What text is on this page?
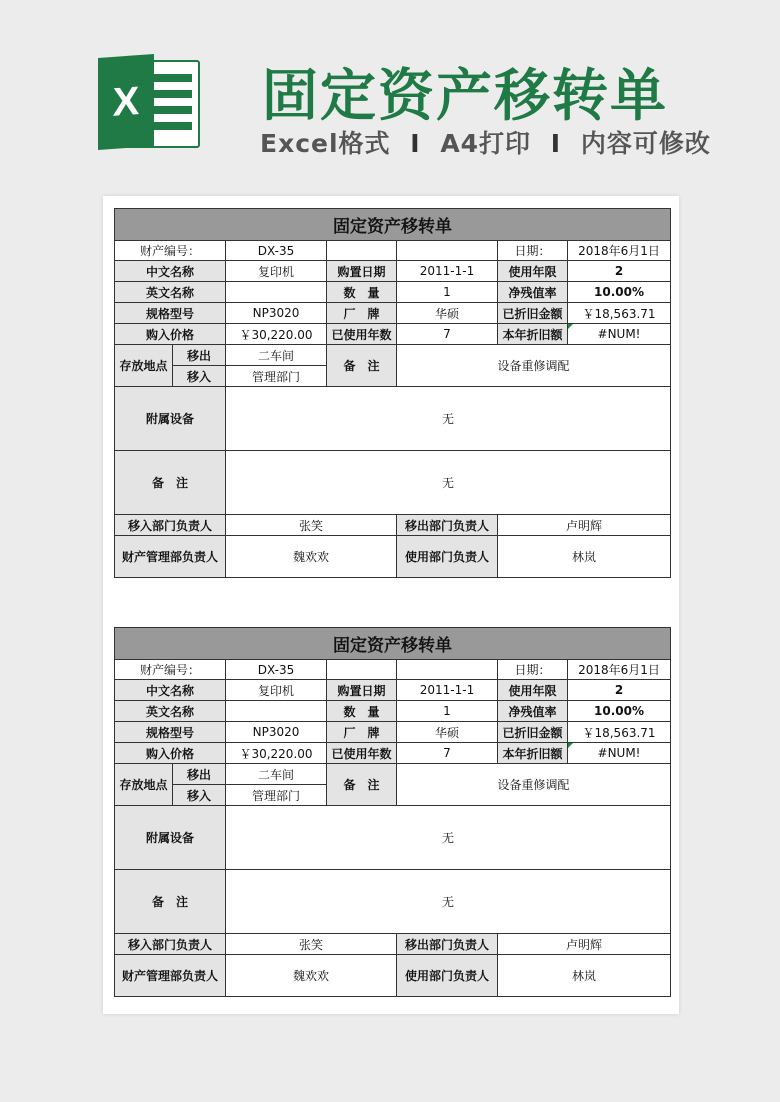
X 固定资产移转单
Excel格式 I A4打印 I 内容可修改
固定资产移转单						
财产编号：		DX-35			日期：	2018年6月1日
中文名称		复印机	购置日期	2011-1-1	使用年限	2
英文名称			数　量	1	净残值率	10.00%
规格型号		NP3020	厂　牌	华硕	已折旧金额	￥18,563.71
购入价格		￥30,220.00	已使用年数	7	本年折旧额	#NUM!
存放地点	移出	二车间	备　注	设备重修调配		
	移入	管理部门				
附属设备		无				
备　注		无				
移入部门负责人		张笑		移出部门负责人	卢明辉	
财产管理部负责人		魏欢欢		使用部门负责人	林岚	
固定资产移转单						
财产编号：		DX-35			日期：	2018年6月1日
中文名称		复印机	购置日期	2011-1-1	使用年限	2
英文名称			数　量	1	净残值率	10.00%
规格型号		NP3020	厂　牌	华硕	已折旧金额	￥18,563.71
购入价格		￥30,220.00	已使用年数	7	本年折旧额	#NUM!
存放地点	移出	二车间	备　注	设备重修调配		
	移入	管理部门				
附属设备		无				
备　注		无				
移入部门负责人		张笑		移出部门负责人	卢明辉	
财产管理部负责人		魏欢欢		使用部门负责人	林岚	
